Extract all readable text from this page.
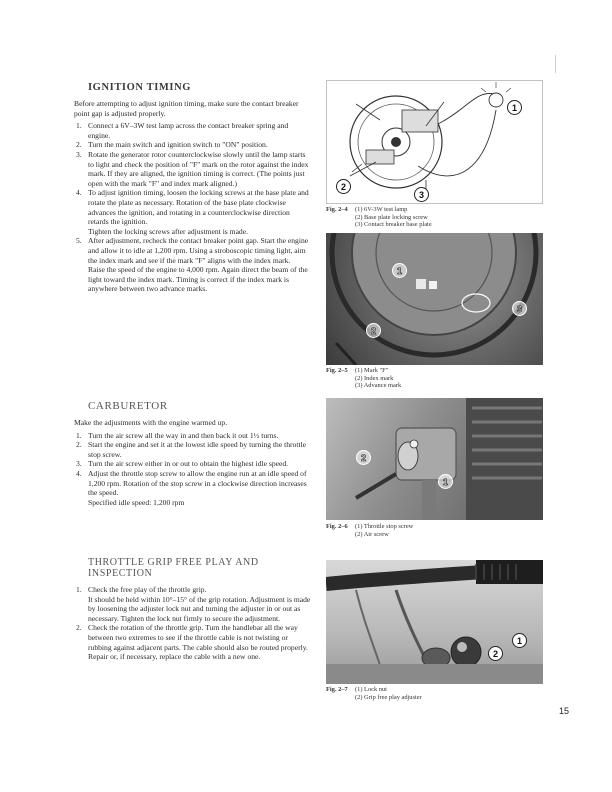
IGNITION TIMING

Before attempting to adjust ignition timing, make sure the contact breaker point gap is adjusted properly.

1. Connect a 6V–3W test lamp across the contact breaker spring and engine.

2. Turn the main switch and ignition switch to "ON" position.

3. Rotate the generator rotor counterclockwise slowly until the lamp starts to light and check the position of "F" mark on the rotor against the index mark. If they are aligned, the ignition timing is correct. (The points just open with the mark "F" and index mark aligned.)

4. To adjust ignition timing, loosen the locking screws at the base plate and rotate the plate as necessary. Rotation of the base plate clockwise advances the ignition, and rotating in a counterclockwise direction retards the ignition.

Tighten the locking screws after adjustment is made.

5. After adjustment, recheck the contact breaker point gap. Start the engine and allow it to idle at 1,200 rpm. Using a stroboscopic timing light, aim the index mark and see if the mark "F" aligns with the index mark.

Raise the speed of the engine to 4,000 rpm. Again direct the beam of the light toward the index mark. Timing is correct if the index mark is anywhere between two advance marks.

CARBURETOR

Make the adjustments with the engine warmed up.

1. Turn the air screw all the way in and then back it out 1½ turns.

2. Start the engine and set it at the lowest idle speed by turning the throttle stop screw.

3. Turn the air screw either in or out to obtain the highest idle speed.

4. Adjust the throttle stop screw to allow the engine run at an idle speed of 1,200 rpm. Rotation of the stop screw in a clockwise direction increases the speed.

Specified idle speed: 1,200 rpm
THROTTLE GRIP FREE PLAY AND INSPECTION
1. Check the free play of the throttle grip.

It should be held within 10°–15° of the grip rotation. Adjustment is made by loosening the adjuster lock nut and turning the adjuster in or out as necessary. Tighten the lock nut firmly to secure the adjustment.

2. Check the rotation of the throttle grip. Turn the handlebar all the way between two extremes to see if the throttle cable is not twisting or rubbing against adjacent parts. The cable should also be routed properly.

Repair or, if necessary, replace the cable with a new one.

1
2
3
Fig. 2–4 (1) 6V-3W test lamp
(2) Base plate locking screw
(3) Contact breaker base plate
1
2
3
Fig. 2–5 (1) Mark "F"
(2) Index mark
(3) Advance mark
2
1
Fig. 2–6 (1) Throttle stop screw
(2) Air screw
1
2
Fig. 2–7 (1) Lock nut
(2) Grip free play adjuster
15
